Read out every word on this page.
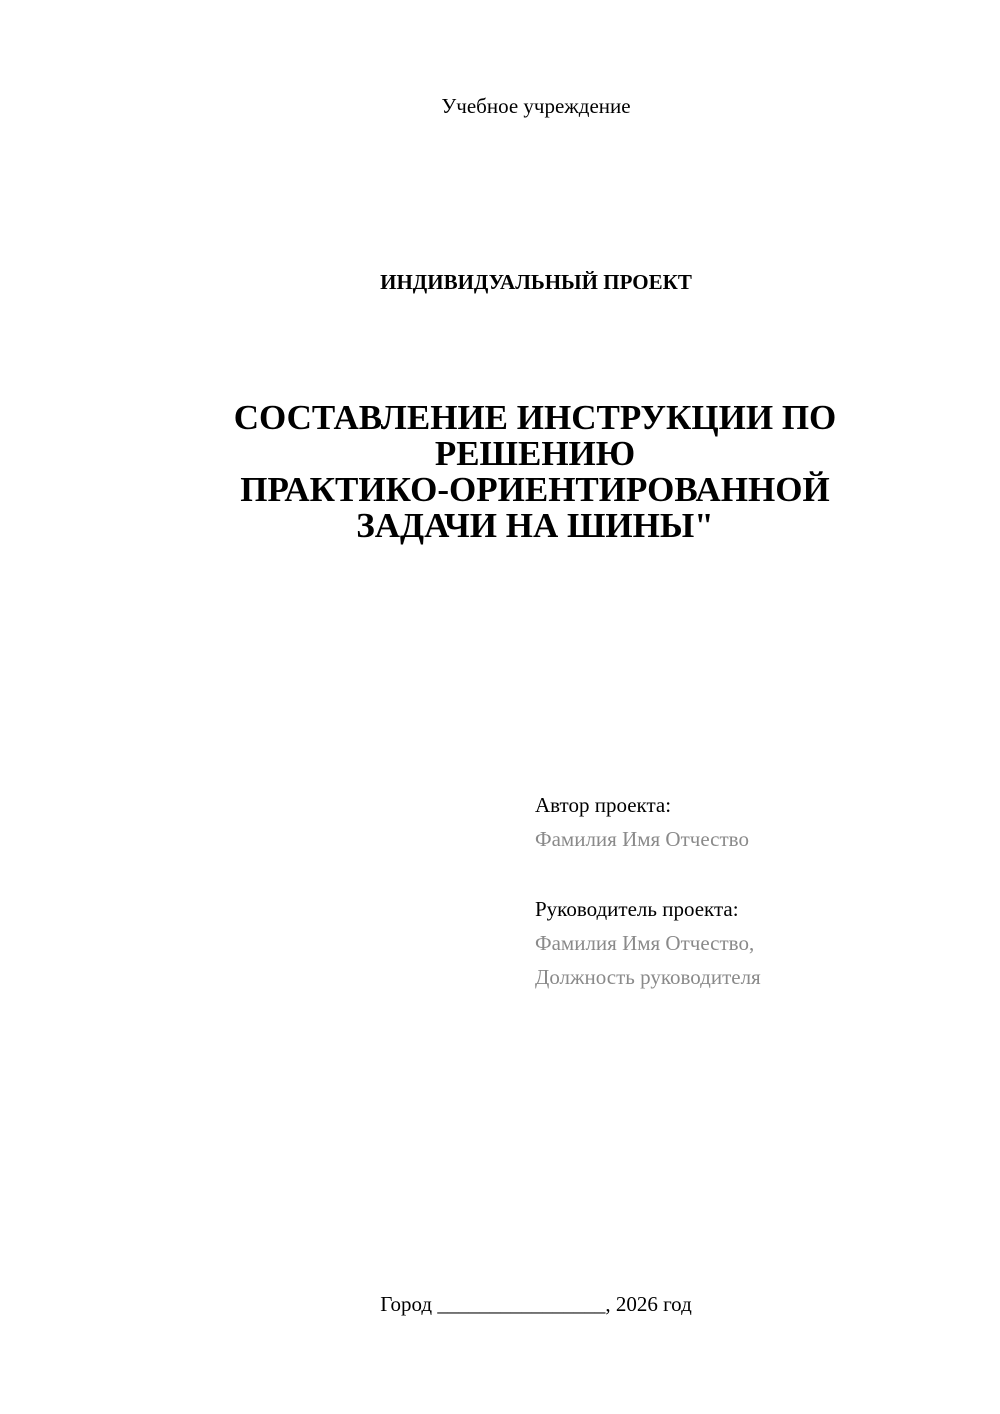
Учебное учреждение
ИНДИВИДУАЛЬНЫЙ ПРОЕКТ
СОСТАВЛЕНИЕ ИНСТРУКЦИИ ПО
РЕШЕНИЮ
ПРАКТИКО-ОРИЕНТИРОВАННОЙ
ЗАДАЧИ НА ШИНЫ"
Автор проекта:
Фамилия Имя Отчество
Руководитель проекта:
Фамилия Имя Отчество,
Должность руководителя
Город ________________, 2026 год
